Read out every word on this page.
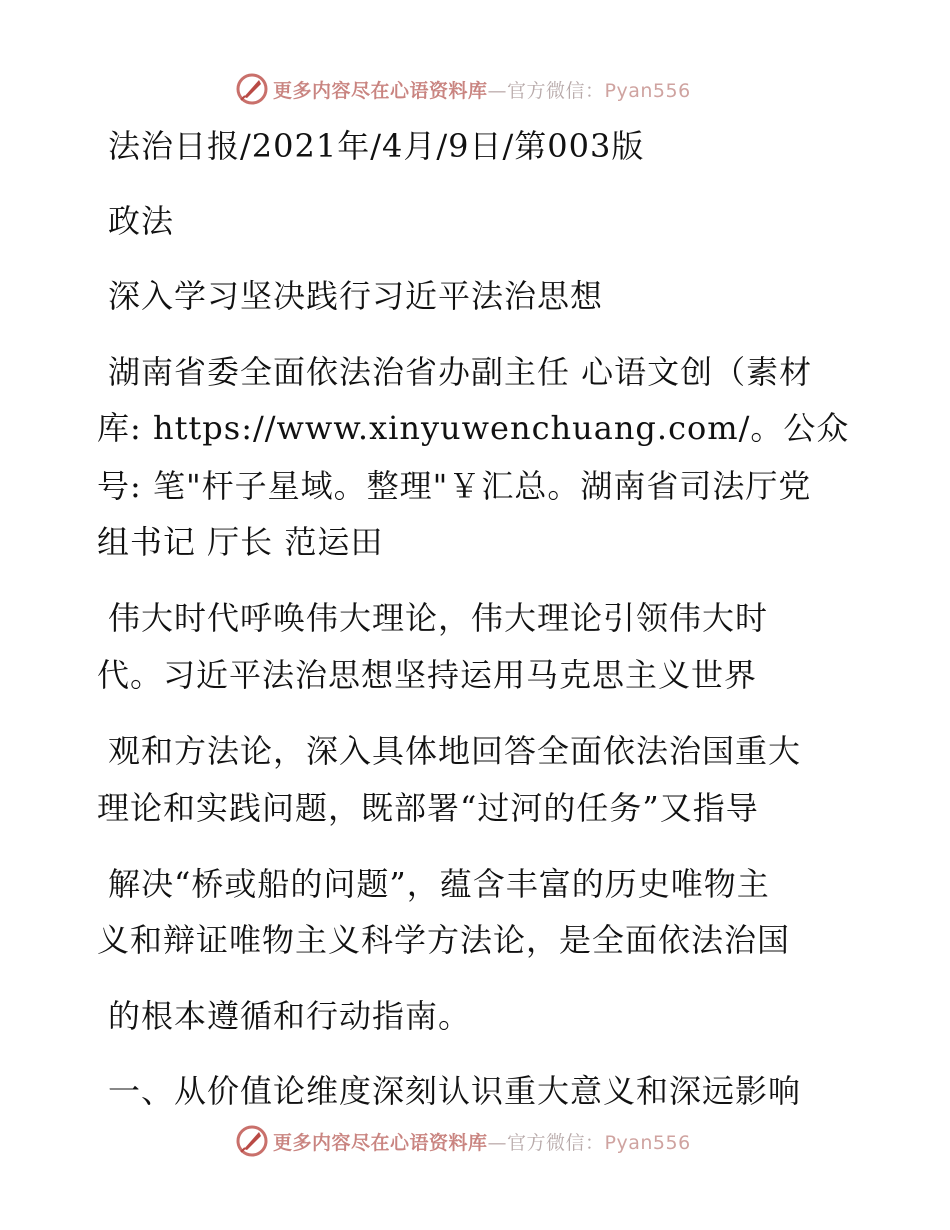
更多内容尽在心语资料库—官方微信：Pyan556
法治日报/2021年/4月/9日/第003版
政法
深入学习坚决践行习近平法治思想
湖南省委全面依法治省办副主任 心语文创（素材
库: https://www.xinyuwenchuang.com/。公众
号: 笔"杆子星域。整理"￥汇总。湖南省司法厅党
组书记 厅长 范运田
伟大时代呼唤伟大理论，伟大理论引领伟大时
代。习近平法治思想坚持运用马克思主义世界
观和方法论，深入具体地回答全面依法治国重大
理论和实践问题，既部署“过河的任务”又指导
解决“桥或船的问题”，蕴含丰富的历史唯物主
义和辩证唯物主义科学方法论，是全面依法治国
的根本遵循和行动指南。
一、从价值论维度深刻认识重大意义和深远影响
更多内容尽在心语资料库—官方微信：Pyan556
